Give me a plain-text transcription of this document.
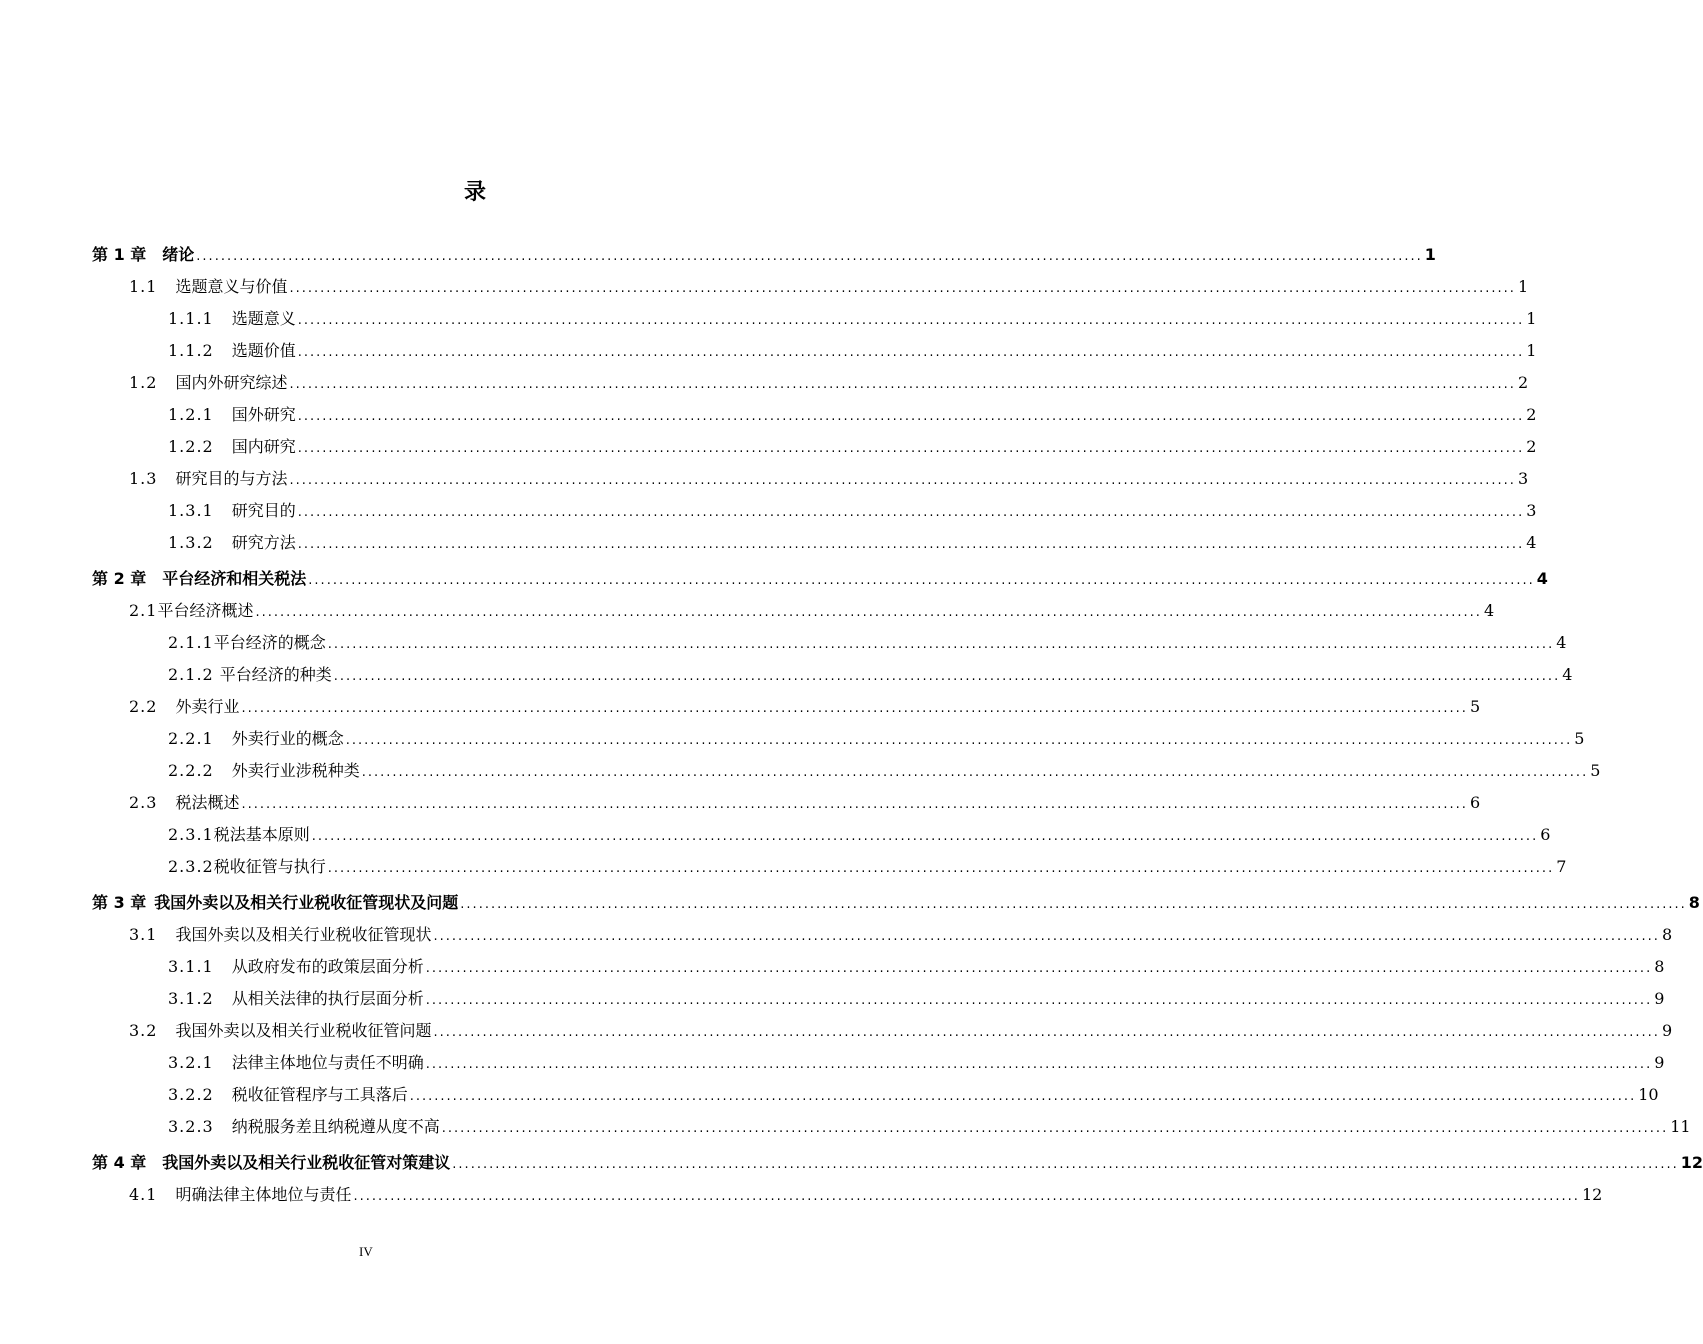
录
第 1 章 绪论 ........................................................................................................................................................................................................ 1
1.1 选题意义与价值 ........................................................................................................................................................................................................ 1
1.1.1 选题意义 ........................................................................................................................................................................................................ 1
1.1.2 选题价值 ........................................................................................................................................................................................................ 1
1.2 国内外研究综述 ........................................................................................................................................................................................................ 2
1.2.1 国外研究 ........................................................................................................................................................................................................ 2
1.2.2 国内研究 ........................................................................................................................................................................................................ 2
1.3 研究目的与方法 ........................................................................................................................................................................................................ 3
1.3.1 研究目的 ........................................................................................................................................................................................................ 3
1.3.2 研究方法 ........................................................................................................................................................................................................ 4
第 2 章 平台经济和相关税法 ........................................................................................................................................................................................................ 4
2.1 平台经济概述 ........................................................................................................................................................................................................ 4
2.1.1 平台经济的概念 ........................................................................................................................................................................................................ 4
2.1.2 平台经济的种类 ........................................................................................................................................................................................................ 4
2.2 外卖行业 ........................................................................................................................................................................................................ 5
2.2.1 外卖行业的概念 ........................................................................................................................................................................................................ 5
2.2.2 外卖行业涉税种类 ........................................................................................................................................................................................................ 5
2.3 税法概述 ........................................................................................................................................................................................................ 6
2.3.1 税法基本原则 ........................................................................................................................................................................................................ 6
2.3.2 税收征管与执行 ........................................................................................................................................................................................................ 7
第 3 章 我国外卖以及相关行业税收征管现状及问题 ........................................................................................................................................................................................................ 8
3.1 我国外卖以及相关行业税收征管现状 ........................................................................................................................................................................................................ 8
3.1.1 从政府发布的政策层面分析 ........................................................................................................................................................................................................ 8
3.1.2 从相关法律的执行层面分析 ........................................................................................................................................................................................................ 9
3.2 我国外卖以及相关行业税收征管问题 ........................................................................................................................................................................................................ 9
3.2.1 法律主体地位与责任不明确 ........................................................................................................................................................................................................ 9
3.2.2 税收征管程序与工具落后 ........................................................................................................................................................................................................ 10
3.2.3 纳税服务差且纳税遵从度不高 ........................................................................................................................................................................................................ 11
第 4 章 我国外卖以及相关行业税收征管对策建议 ........................................................................................................................................................................................................ 12
4.1 明确法律主体地位与责任 ........................................................................................................................................................................................................ 12
IV
